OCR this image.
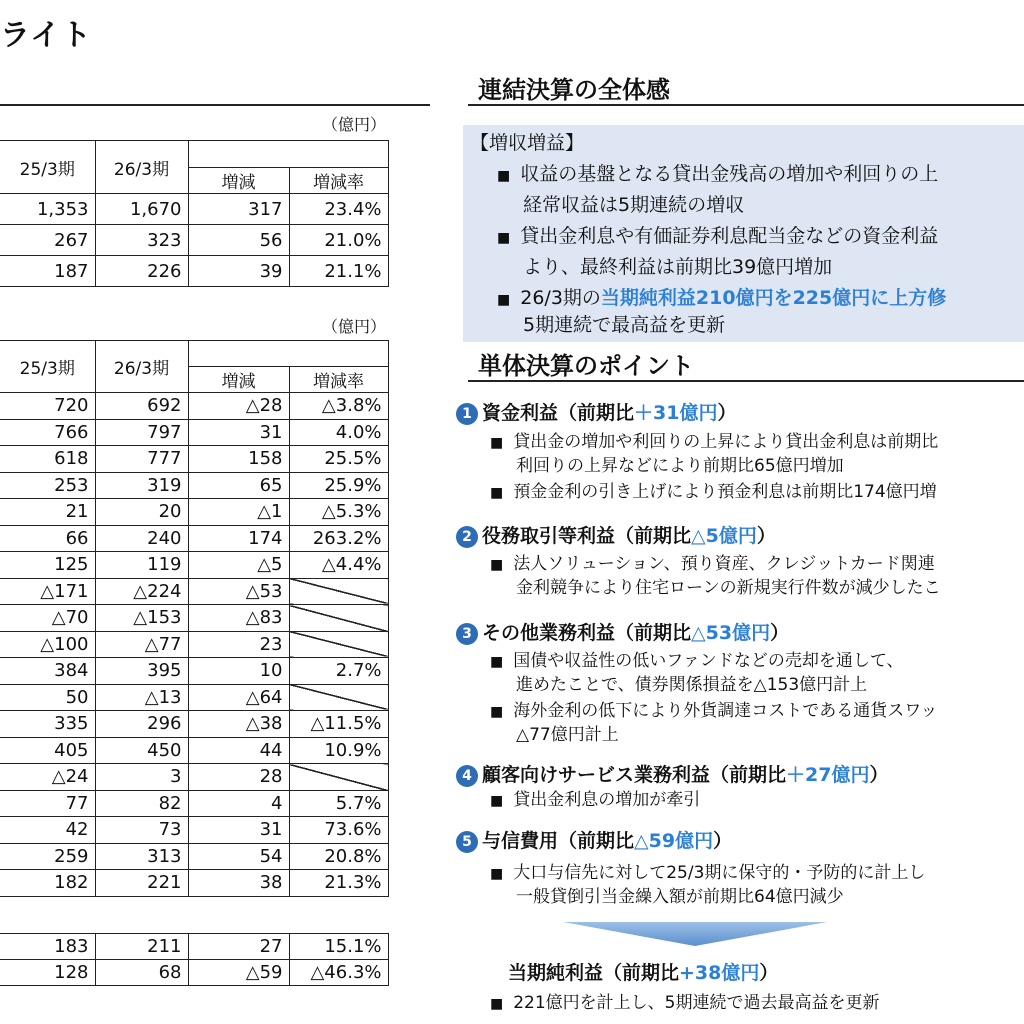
ライト
（億円）
25/3期	26/3期		
		増減	増減率
1,353	1,670	317	23.4%
267	323	56	21.0%
187	226	39	21.1%
（億円）
25/3期	26/3期		
		増減	増減率
720	692	△28	△3.8%
766	797	31	4.0%
618	777	158	25.5%
253	319	65	25.9%
21	20	△1	△5.3%
66	240	174	263.2%
125	119	△5	△4.4%
△171	△224	△53	
△70	△153	△83	
△100	△77	23	
384	395	10	2.7%
50	△13	△64	
335	296	△38	△11.5%
405	450	44	10.9%
△24	3	28	
77	82	4	5.7%
42	73	31	73.6%
259	313	54	20.8%
182	221	38	21.3%
183	211	27	15.1%
128	68	△59	△46.3%
連結決算の全体感
【増収増益】
■ 収益の基盤となる貸出金残高の増加や利回りの上
経常収益は5期連続の増収
■ 貸出金利息や有価証券利息配当金などの資金利益
より、最終利益は前期比39億円増加
■ 26/3期の当期純利益210億円を225億円に上方修
5期連続で最高益を更新
単体決算のポイント
1 資金利益（前期比＋31億円）
■ 貸出金の増加や利回りの上昇により貸出金利息は前期比
利回りの上昇などにより前期比65億円増加
■ 預金金利の引き上げにより預金利息は前期比174億円増
2 役務取引等利益（前期比△5億円）
■ 法人ソリューション、預り資産、クレジットカード関連
金利競争により住宅ローンの新規実行件数が減少したこ
3 その他業務利益（前期比△53億円）
■ 国債や収益性の低いファンドなどの売却を通して、
進めたことで、債券関係損益を△153億円計上
■ 海外金利の低下により外貨調達コストである通貨スワッ
△77億円計上
4 顧客向けサービス業務利益（前期比＋27億円）
■ 貸出金利息の増加が牽引
5 与信費用（前期比△59億円）
■ 大口与信先に対して25/3期に保守的・予防的に計上し
一般貸倒引当金繰入額が前期比64億円減少
当期純利益（前期比+38億円）
■ 221億円を計上し、5期連続で過去最高益を更新
